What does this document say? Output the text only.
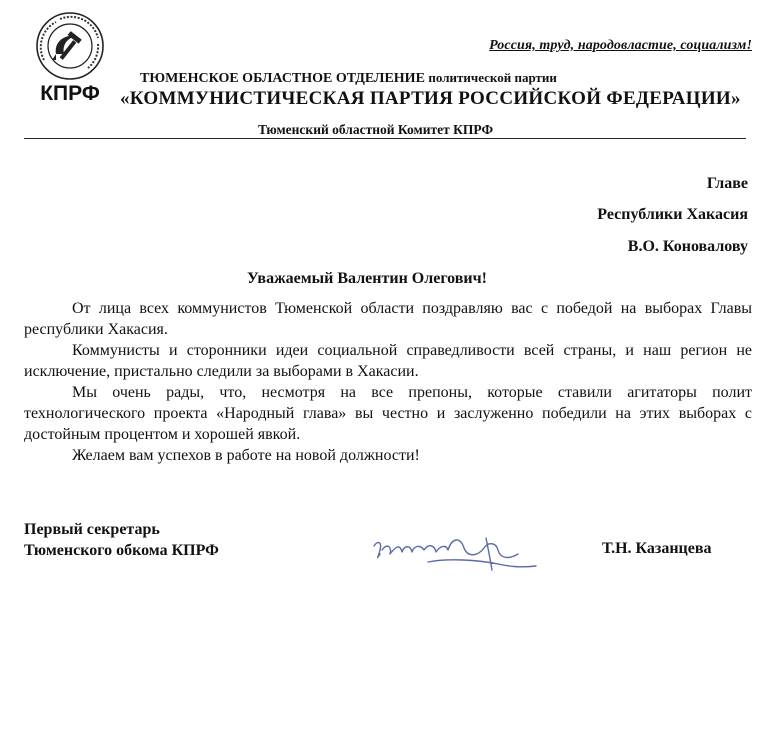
КПРФ
Россия, труд, народовластие, социализм!
ТЮМЕНСКОЕ ОБЛАСТНОЕ ОТДЕЛЕНИЕ политической партии
«КОММУНИСТИЧЕСКАЯ ПАРТИЯ РОССИЙСКОЙ ФЕДЕРАЦИИ»
Тюменский областной Комитет КПРФ
Главе
Республики Хакасия
В.О. Коновалову
Уважаемый Валентин Олегович!

От лица всех коммунистов Тюменской области поздравляю вас с победой на выборах Главы республики Хакасия.

Коммунисты и сторонники идеи социальной справедливости всей страны, и наш регион не исключение, пристально следили за выборами в Хакасии.

Мы очень рады, что, несмотря на все препоны, которые ставили агитаторы полит технологического проекта «Народный глава» вы честно и заслуженно победили на этих выборах с достойным процентом и хорошей явкой.

Желаем вам успехов в работе на новой должности!

Первый секретарь
Тюменского обкома КПРФ	Т.Н. Казанцева
